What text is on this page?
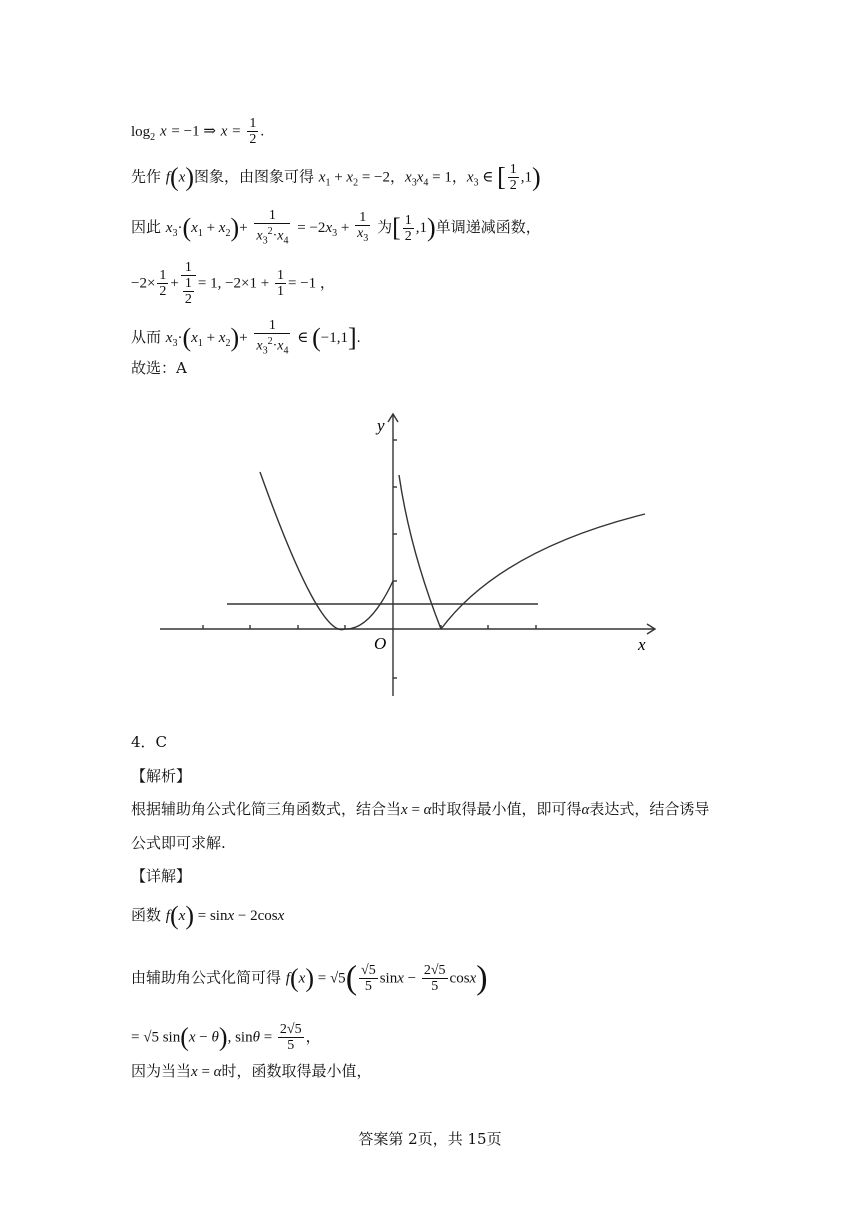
$\log_2 x = -1$ ⇒ $x = \frac{1}{2}$ .
先作 f(x)图象，由图象可得 $x_1 + x_2 = -2$，$x_3x_4 = 1$，$x_3$ ∈ [ $\frac{1}{2} ,1$)
因此 $x_3\cdot(x_1 + x_2)+ \frac{1}{x_3^2\cdot x_4} = -2x_3 + \frac{1}{x_3}$ 为[ $\frac{1}{2} ,1$)单调递减函数，
$-2\times \frac{1}{2} + \frac{1}{\frac{1}{2}} = 1$, $-2\times 1 + \frac{1}{1} = -1$ ，
从而 $x_3\cdot(x_1 + x_2)+ \frac{1}{x_3^2\cdot x_4}$ ∈ (−1,1].
故选：A
y
x
O
4．C
【解析】
根据辅助角公式化简三角函数式，结合当x = α时取得最小值，即可得α表达式，结合诱导
公式即可求解.
【详解】
函数 f(x) = sinx − 2cosx
由辅助角公式化简可得 $f(x) = √5( \frac{√5}{5}$ $\sin x - \frac{2√5}{5} \cos x$)
= √5 sin(x − θ), $\sin\theta = \frac{2√5}{5}$ ，
因为当当x = α时，函数取得最小值，
答案第 2页，共 15页
